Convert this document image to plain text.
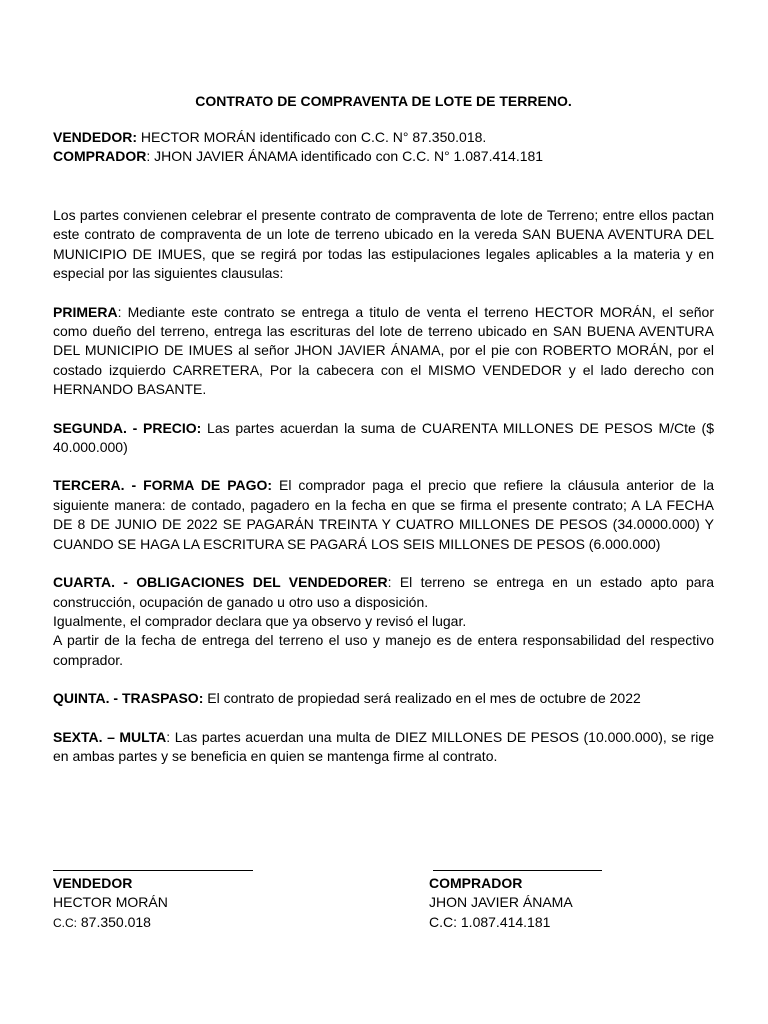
CONTRATO DE COMPRAVENTA DE LOTE DE TERRENO.
VENDEDOR: HECTOR MORÁN identificado con C.C. N° 87.350.018.
COMPRADOR: JHON JAVIER ÁNAMA identificado con C.C. N° 1.087.414.181

Los partes convienen celebrar el presente contrato de compraventa de lote de Terreno; entre ellos pactan este contrato de compraventa de un lote de terreno ubicado en la vereda SAN BUENA AVENTURA DEL MUNICIPIO DE IMUES, que se regirá por todas las estipulaciones legales aplicables a la materia y en especial por las siguientes clausulas:

PRIMERA: Mediante este contrato se entrega a titulo de venta el terreno HECTOR MORÁN, el señor como dueño del terreno, entrega las escrituras del lote de terreno ubicado en SAN BUENA AVENTURA DEL MUNICIPIO DE IMUES al señor JHON JAVIER ÁNAMA, por el pie con ROBERTO MORÁN, por el costado izquierdo CARRETERA, Por la cabecera con el MISMO VENDEDOR y el lado derecho con HERNANDO BASANTE.

SEGUNDA. - PRECIO: Las partes acuerdan la suma de CUARENTA MILLONES DE PESOS M/Cte ($ 40.000.000)

TERCERA. - FORMA DE PAGO: El comprador paga el precio que refiere la cláusula anterior de la siguiente manera: de contado, pagadero en la fecha en que se firma el presente contrato; A LA FECHA DE 8 DE JUNIO DE 2022 SE PAGARÁN TREINTA Y CUATRO MILLONES DE PESOS (34.0000.000) Y CUANDO SE HAGA LA ESCRITURA SE PAGARÁ LOS SEIS MILLONES DE PESOS (6.000.000)

CUARTA. - OBLIGACIONES DEL VENDEDORER: El terreno se entrega en un estado apto para construcción, ocupación de ganado u otro uso a disposición.

Igualmente, el comprador declara que ya observo y revisó el lugar.

A partir de la fecha de entrega del terreno el uso y manejo es de entera responsabilidad del respectivo comprador.

QUINTA. - TRASPASO: El contrato de propiedad será realizado en el mes de octubre de 2022

SEXTA. – MULTA: Las partes acuerdan una multa de DIEZ MILLONES DE PESOS (10.000.000), se rige en ambas partes y se beneficia en quien se mantenga firme al contrato.

VENDEDOR
HECTOR MORÁN
C.C: 87.350.018
COMPRADOR
JHON JAVIER ÁNAMA
C.C: 1.087.414.181
